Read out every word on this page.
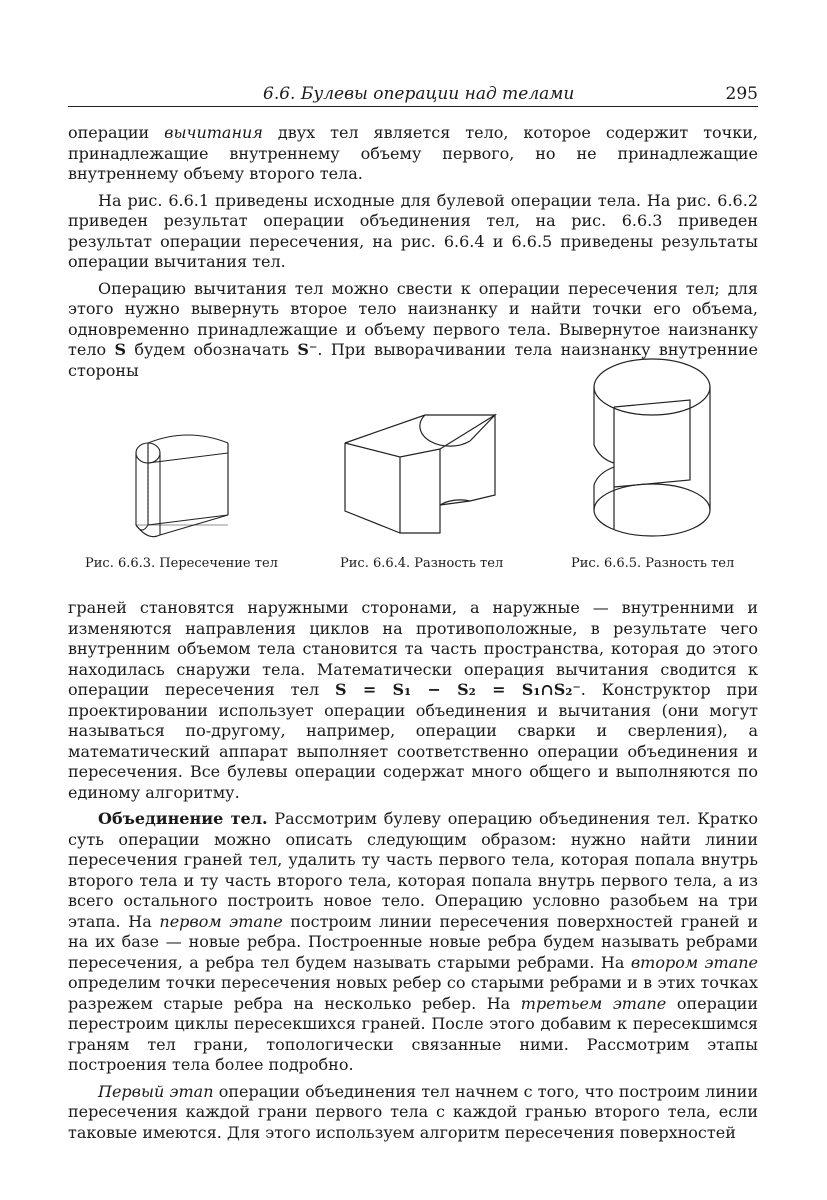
6.6. Булевы операции над телами	295

операции вычитания двух тел является тело, которое содержит точки, принадлежащие внутреннему объему первого, но не принадлежащие внутреннему объему второго тела.

На рис. 6.6.1 приведены исходные для булевой операции тела. На рис. 6.6.2 приведен результат операции объединения тел, на рис. 6.6.3 приведен результат операции пересечения, на рис. 6.6.4 и 6.6.5 приведены результаты операции вычитания тел.

Операцию вычитания тел можно свести к операции пересечения тел; для этого нужно вывернуть второе тело наизнанку и найти точки его объема, одновременно принадлежащие и объему первого тела. Вывернутое наизнанку тело S будем обозначать S⁻. При выворачивании тела наизнанку внутренние стороны

Рис. 6.6.3. Пересечение тел	Рис. 6.6.4. Разность тел	Рис. 6.6.5. Разность тел

граней становятся наружными сторонами, а наружные — внутренними и изменяются направления циклов на противоположные, в результате чего внутренним объемом тела становится та часть пространства, которая до этого находилась снаружи тела. Математически операция вычитания сводится к операции пересечения тел S = S₁ − S₂ = S₁∩S₂⁻. Конструктор при проектировании использует операции объединения и вычитания (они могут называться по-другому, например, операции сварки и сверления), а математический аппарат выполняет соответственно операции объединения и пересечения. Все булевы операции содержат много общего и выполняются по единому алгоритму.

Объединение тел. Рассмотрим булеву операцию объединения тел. Кратко суть операции можно описать следующим образом: нужно найти линии пересечения граней тел, удалить ту часть первого тела, которая попала внутрь второго тела и ту часть второго тела, которая попала внутрь первого тела, а из всего остального построить новое тело. Операцию условно разобьем на три этапа. На первом этапе построим линии пересечения поверхностей граней и на их базе — новые ребра. Построенные новые ребра будем называть ребрами пересечения, а ребра тел будем называть старыми ребрами. На втором этапе определим точки пересечения новых ребер со старыми ребрами и в этих точках разрежем старые ребра на несколько ребер. На третьем этапе операции перестроим циклы пересекшихся граней. После этого добавим к пересекшимся граням тел грани, топологически связанные ними. Рассмотрим этапы построения тела более подробно.

Первый этап операции объединения тел начнем с того, что построим линии пересечения каждой грани первого тела с каждой гранью второго тела, если таковые имеются. Для этого используем алгоритм пересечения поверхностей
